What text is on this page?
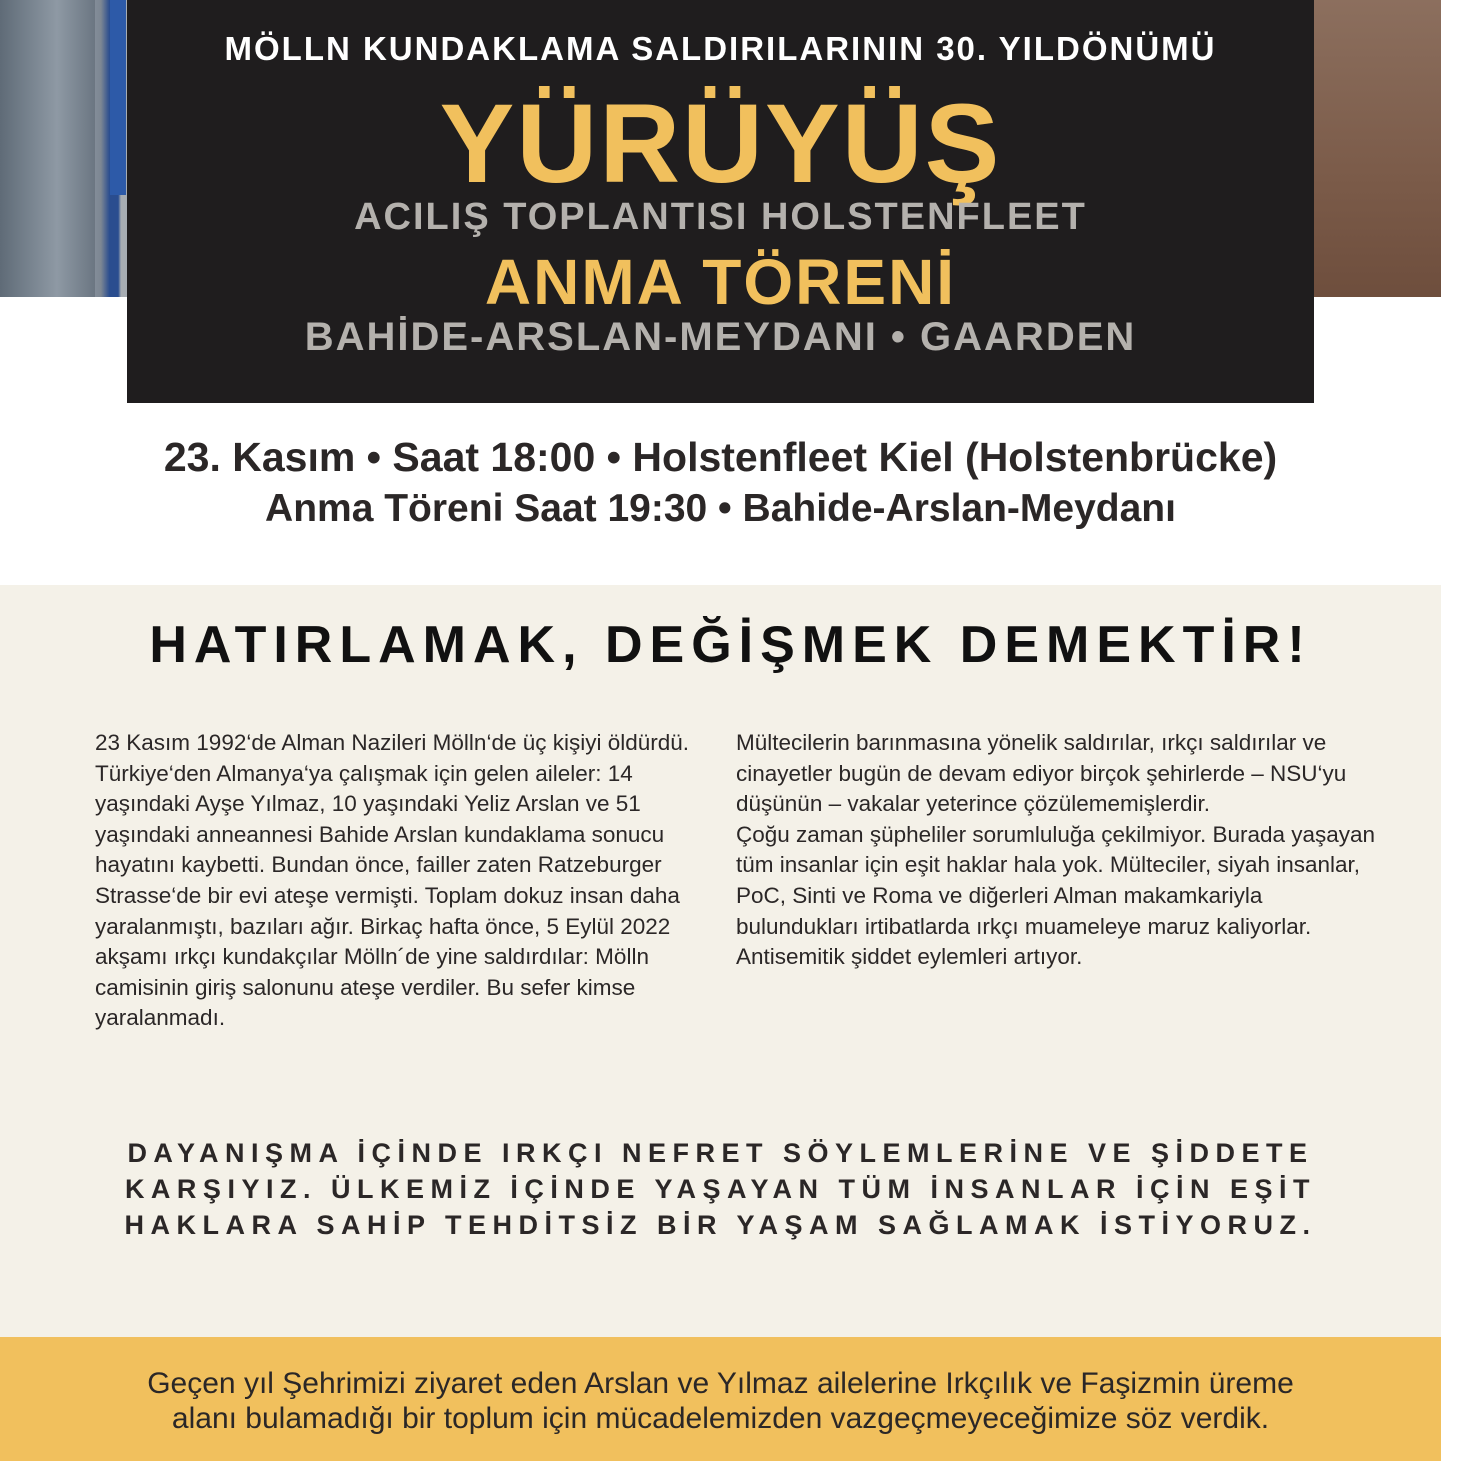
MÖLLN KUNDAKLAMA SALDIRILARININ 30. YILDÖNÜMÜ
YÜRÜYÜŞ
ACILIŞ TOPLANTISI HOLSTENFLEET
ANMA TÖRENİ
BAHİDE-ARSLAN-MEYDANI • GAARDEN
23. Kasım • Saat 18:00 • Holstenfleet Kiel (Holstenbrücke)
Anma Töreni Saat 19:30 • Bahide-Arslan-Meydanı
HATIRLAMAK, DEĞİŞMEK DEMEKTİR!

23 Kasım 1992‘de Alman Nazileri Mölln‘de üç kişiyi öldürdü. Türkiye‘den Almanya‘ya çalışmak için gelen aileler: 14 yaşındaki Ayşe Yılmaz, 10 yaşındaki Yeliz Arslan ve 51 yaşındaki anneannesi Bahide Arslan kundaklama sonucu hayatını kaybetti. Bundan önce, failler zaten Ratzeburger Strasse‘de bir evi ateşe vermişti. Toplam dokuz insan daha yaralanmıştı, bazıları ağır. Birkaç hafta önce, 5 Eylül 2022 akşamı ırkçı kundakçılar Mölln´de yine saldırdılar: Mölln camisinin giriş salonunu ateşe verdiler. Bu sefer kimse yaralanmadı.

Mültecilerin barınmasına yönelik saldırılar, ırkçı saldırılar ve cinayetler bugün de devam ediyor birçok şehirlerde – NSU‘yu düşünün – vakalar yeterince çözülememişlerdir.

Çoğu zaman şüpheliler sorumluluğa çekilmiyor. Burada yaşayan tüm insanlar için eşit haklar hala yok. Mülteciler, siyah insanlar, PoC, Sinti ve Roma ve diğerleri Alman makamkariyla bulundukları irtibatlarda ırkçı muameleye maruz kaliyorlar. Antisemitik şiddet eylemleri artıyor.

DAYANIŞMA İÇİNDE IRKÇI NEFRET SÖYLEMLERİNE VE ŞİDDETE
KARŞIYIZ. ÜLKEMİZ İÇİNDE YAŞAYAN TÜM İNSANLAR İÇİN EŞİT
HAKLARA SAHİP TEHDİTSİZ BİR YAŞAM SAĞLAMAK İSTİYORUZ.
Geçen yıl Şehrimizi ziyaret eden Arslan ve Yılmaz ailelerine Irkçılık ve Faşizmin üreme
alanı bulamadığı bir toplum için mücadelemizden vazgeçmeyeceğimize söz verdik.
